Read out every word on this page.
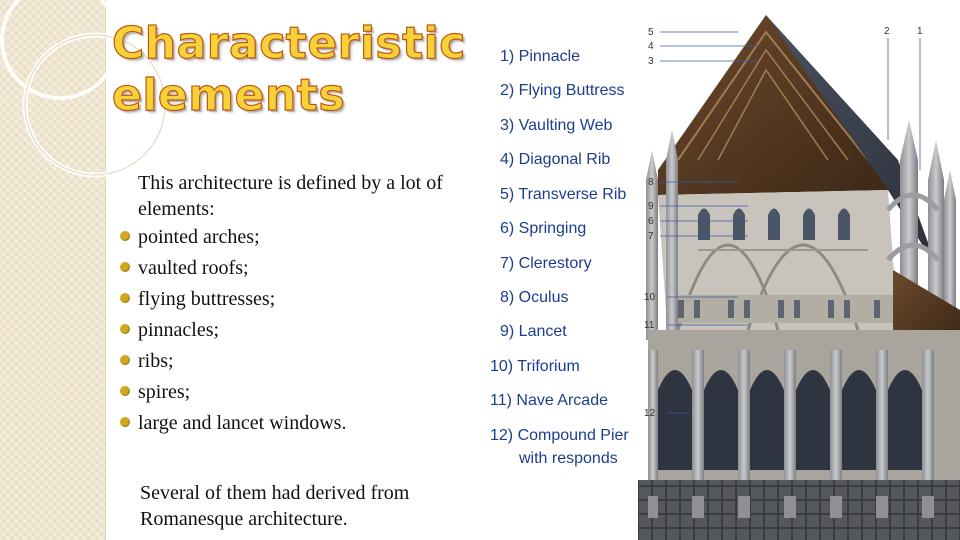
Characteristic
elements

This architecture is defined by a lot of elements:

pointed arches;
vaulted roofs;
flying buttresses;
pinnacles;
ribs;
spires;
large and lancet windows.

Several of them had derived from Romanesque architecture.

1) Pinnacle
2) Flying Buttress
3) Vaulting Web
4) Diagonal Rib
5) Transverse Rib
6) Springing
7) Clerestory
8) Oculus
9) Lancet
10) Triforium
11) Nave Arcade
12) Compound Pier
with responds
5
4
3
2	1
8
9
6
7
10
11
12
